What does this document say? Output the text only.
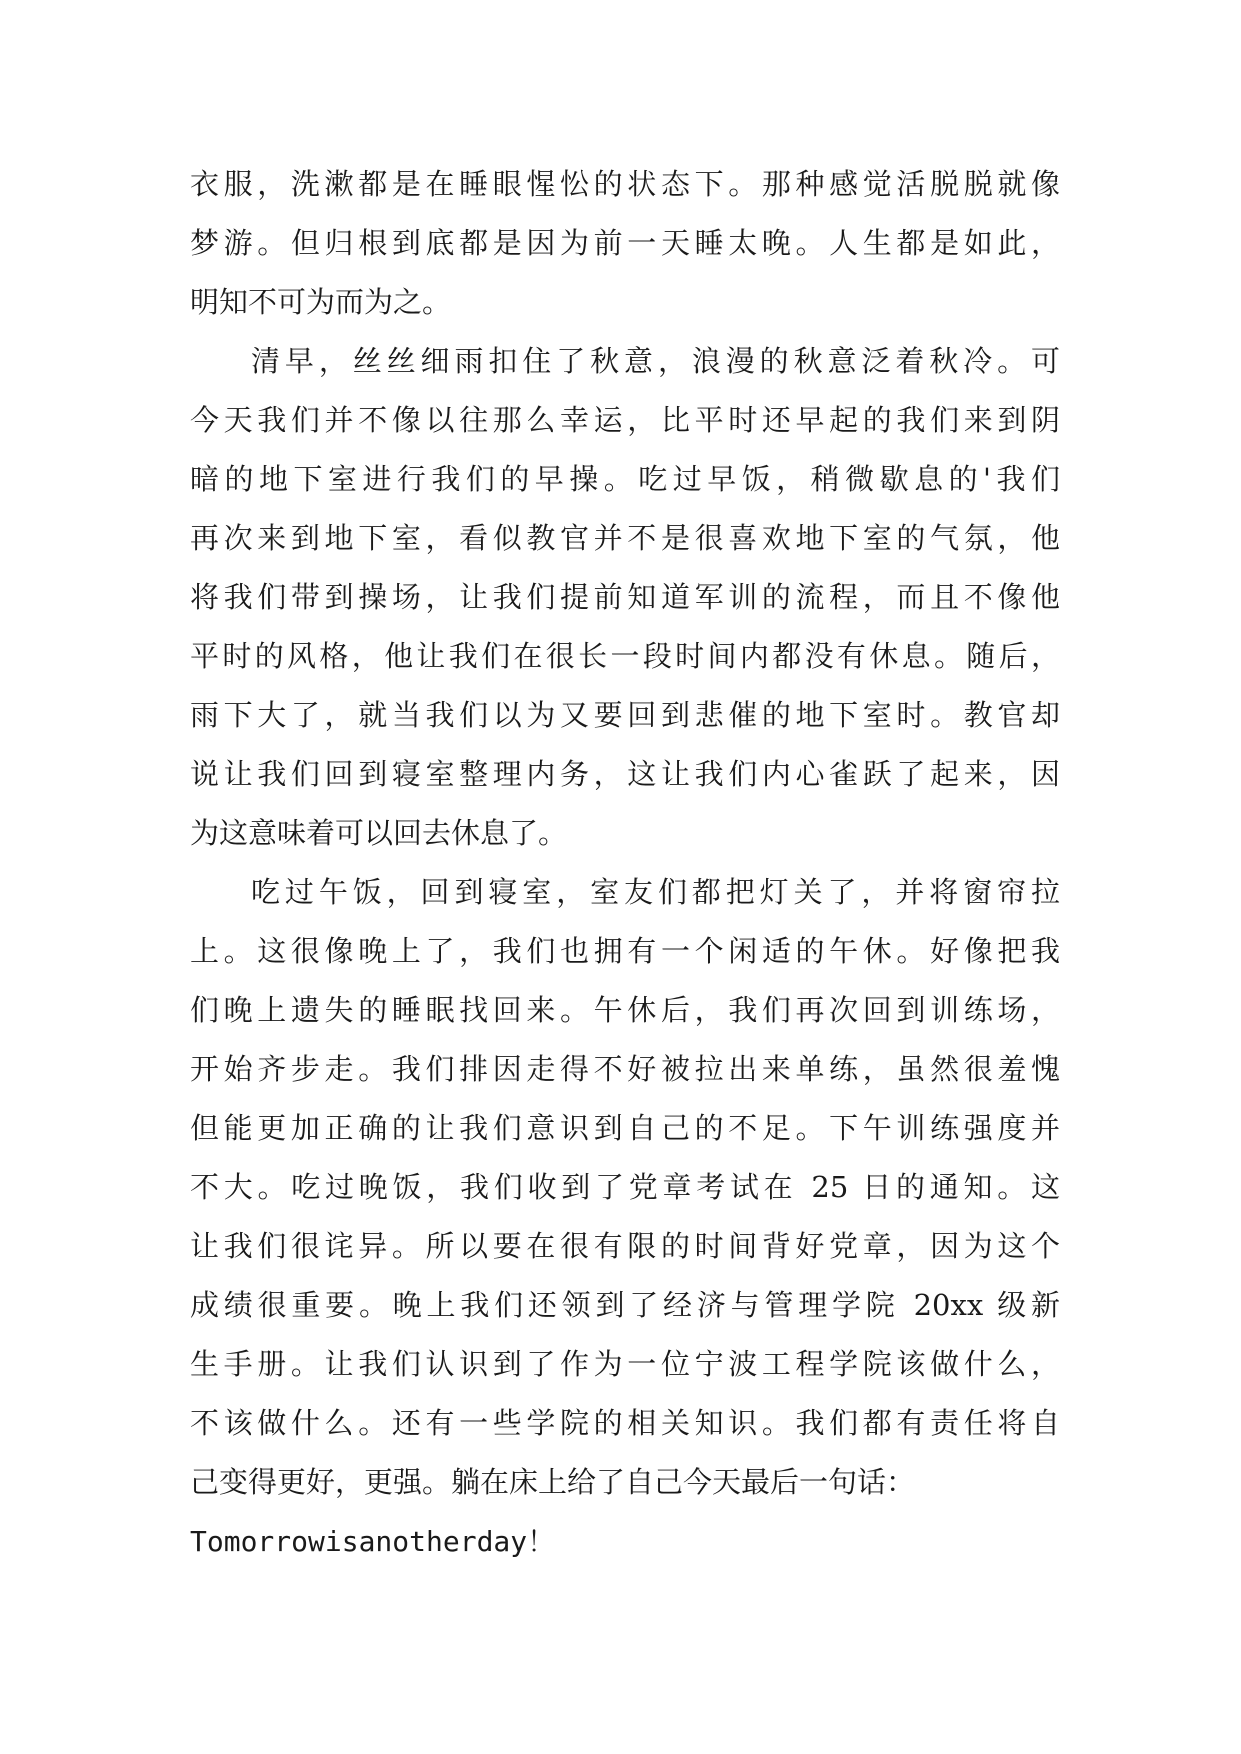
衣服，洗漱都是在睡眼惺忪的状态下。那种感觉活脱脱就像
梦游。但归根到底都是因为前一天睡太晚。人生都是如此，
明知不可为而为之。
清早，丝丝细雨扣住了秋意，浪漫的秋意泛着秋冷。可
今天我们并不像以往那么幸运，比平时还早起的我们来到阴
暗的地下室进行我们的早操。吃过早饭，稍微歇息的'我们
再次来到地下室，看似教官并不是很喜欢地下室的气氛，他
将我们带到操场，让我们提前知道军训的流程，而且不像他
平时的风格，他让我们在很长一段时间内都没有休息。随后，
雨下大了，就当我们以为又要回到悲催的地下室时。教官却
说让我们回到寝室整理内务，这让我们内心雀跃了起来，因
为这意味着可以回去休息了。
吃过午饭，回到寝室，室友们都把灯关了，并将窗帘拉
上。这很像晚上了，我们也拥有一个闲适的午休。好像把我
们晚上遗失的睡眠找回来。午休后，我们再次回到训练场，
开始齐步走。我们排因走得不好被拉出来单练，虽然很羞愧
但能更加正确的让我们意识到自己的不足。下午训练强度并
不大。吃过晚饭，我们收到了党章考试在 25 日的通知。这
让我们很诧异。所以要在很有限的时间背好党章，因为这个
成绩很重要。晚上我们还领到了经济与管理学院 20xx 级新
生手册。让我们认识到了作为一位宁波工程学院该做什么，
不该做什么。还有一些学院的相关知识。我们都有责任将自
己变得更好，更强。躺在床上给了自己今天最后一句话：
Tomorrowisanotherday！
